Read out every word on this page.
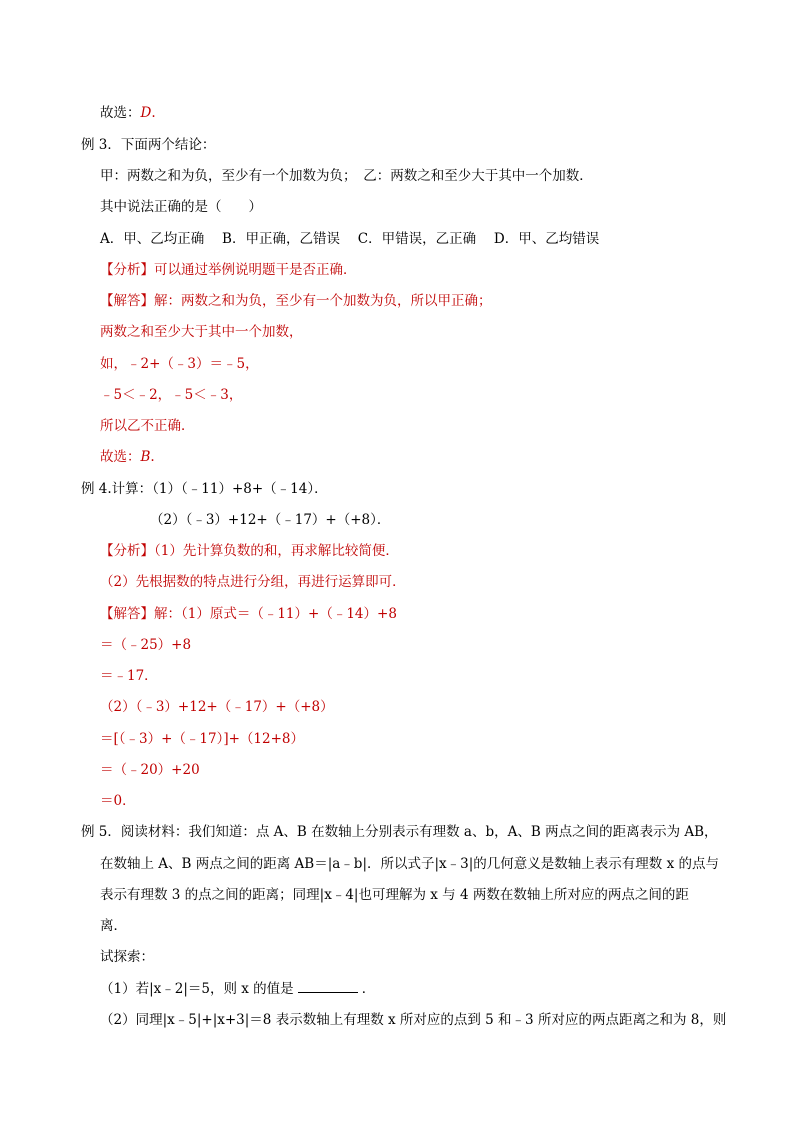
故选：D.
例 3．下面两个结论：
甲：两数之和为负，至少有一个加数为负；　乙：两数之和至少大于其中一个加数．
其中说法正确的是（　　）
A．甲、乙均正确　 B．甲正确，乙错误　 C．甲错误，乙正确　 D．甲、乙均错误
【分析】可以通过举例说明题干是否正确．
【解答】解：两数之和为负，至少有一个加数为负，所以甲正确；
两数之和至少大于其中一个加数，
如，﹣2+（﹣3）＝﹣5，
﹣5＜﹣2，﹣5＜﹣3，
所以乙不正确．
故选：B.
例 4.计算：（1）（﹣11）+8+（﹣14）．
（2）（﹣3）+12+（﹣17）+（+8）．
【分析】（1）先计算负数的和，再求解比较简便．
（2）先根据数的特点进行分组，再进行运算即可．
【解答】解：（1）原式＝（﹣11）+（﹣14）+8
＝（﹣25）+8
＝﹣17．
（2）（﹣3）+12+（﹣17）+（+8）
＝[（﹣3）+（﹣17）]+（12+8）
＝（﹣20）+20
＝0．
例 5．阅读材料：我们知道：点 A、B 在数轴上分别表示有理数 a、b，A、B 两点之间的距离表示为 AB，
在数轴上 A、B 两点之间的距离 AB＝|a﹣b|．所以式子|x﹣3|的几何意义是数轴上表示有理数 x 的点与
表示有理数 3 的点之间的距离；同理|x﹣4|也可理解为 x 与 4 两数在数轴上所对应的两点之间的距
离．
试探索：
（1）若|x﹣2|＝5，则 x 的值是	．
（2）同理|x﹣5|+|x+3|＝8 表示数轴上有理数 x 所对应的点到 5 和﹣3 所对应的两点距离之和为 8，则
